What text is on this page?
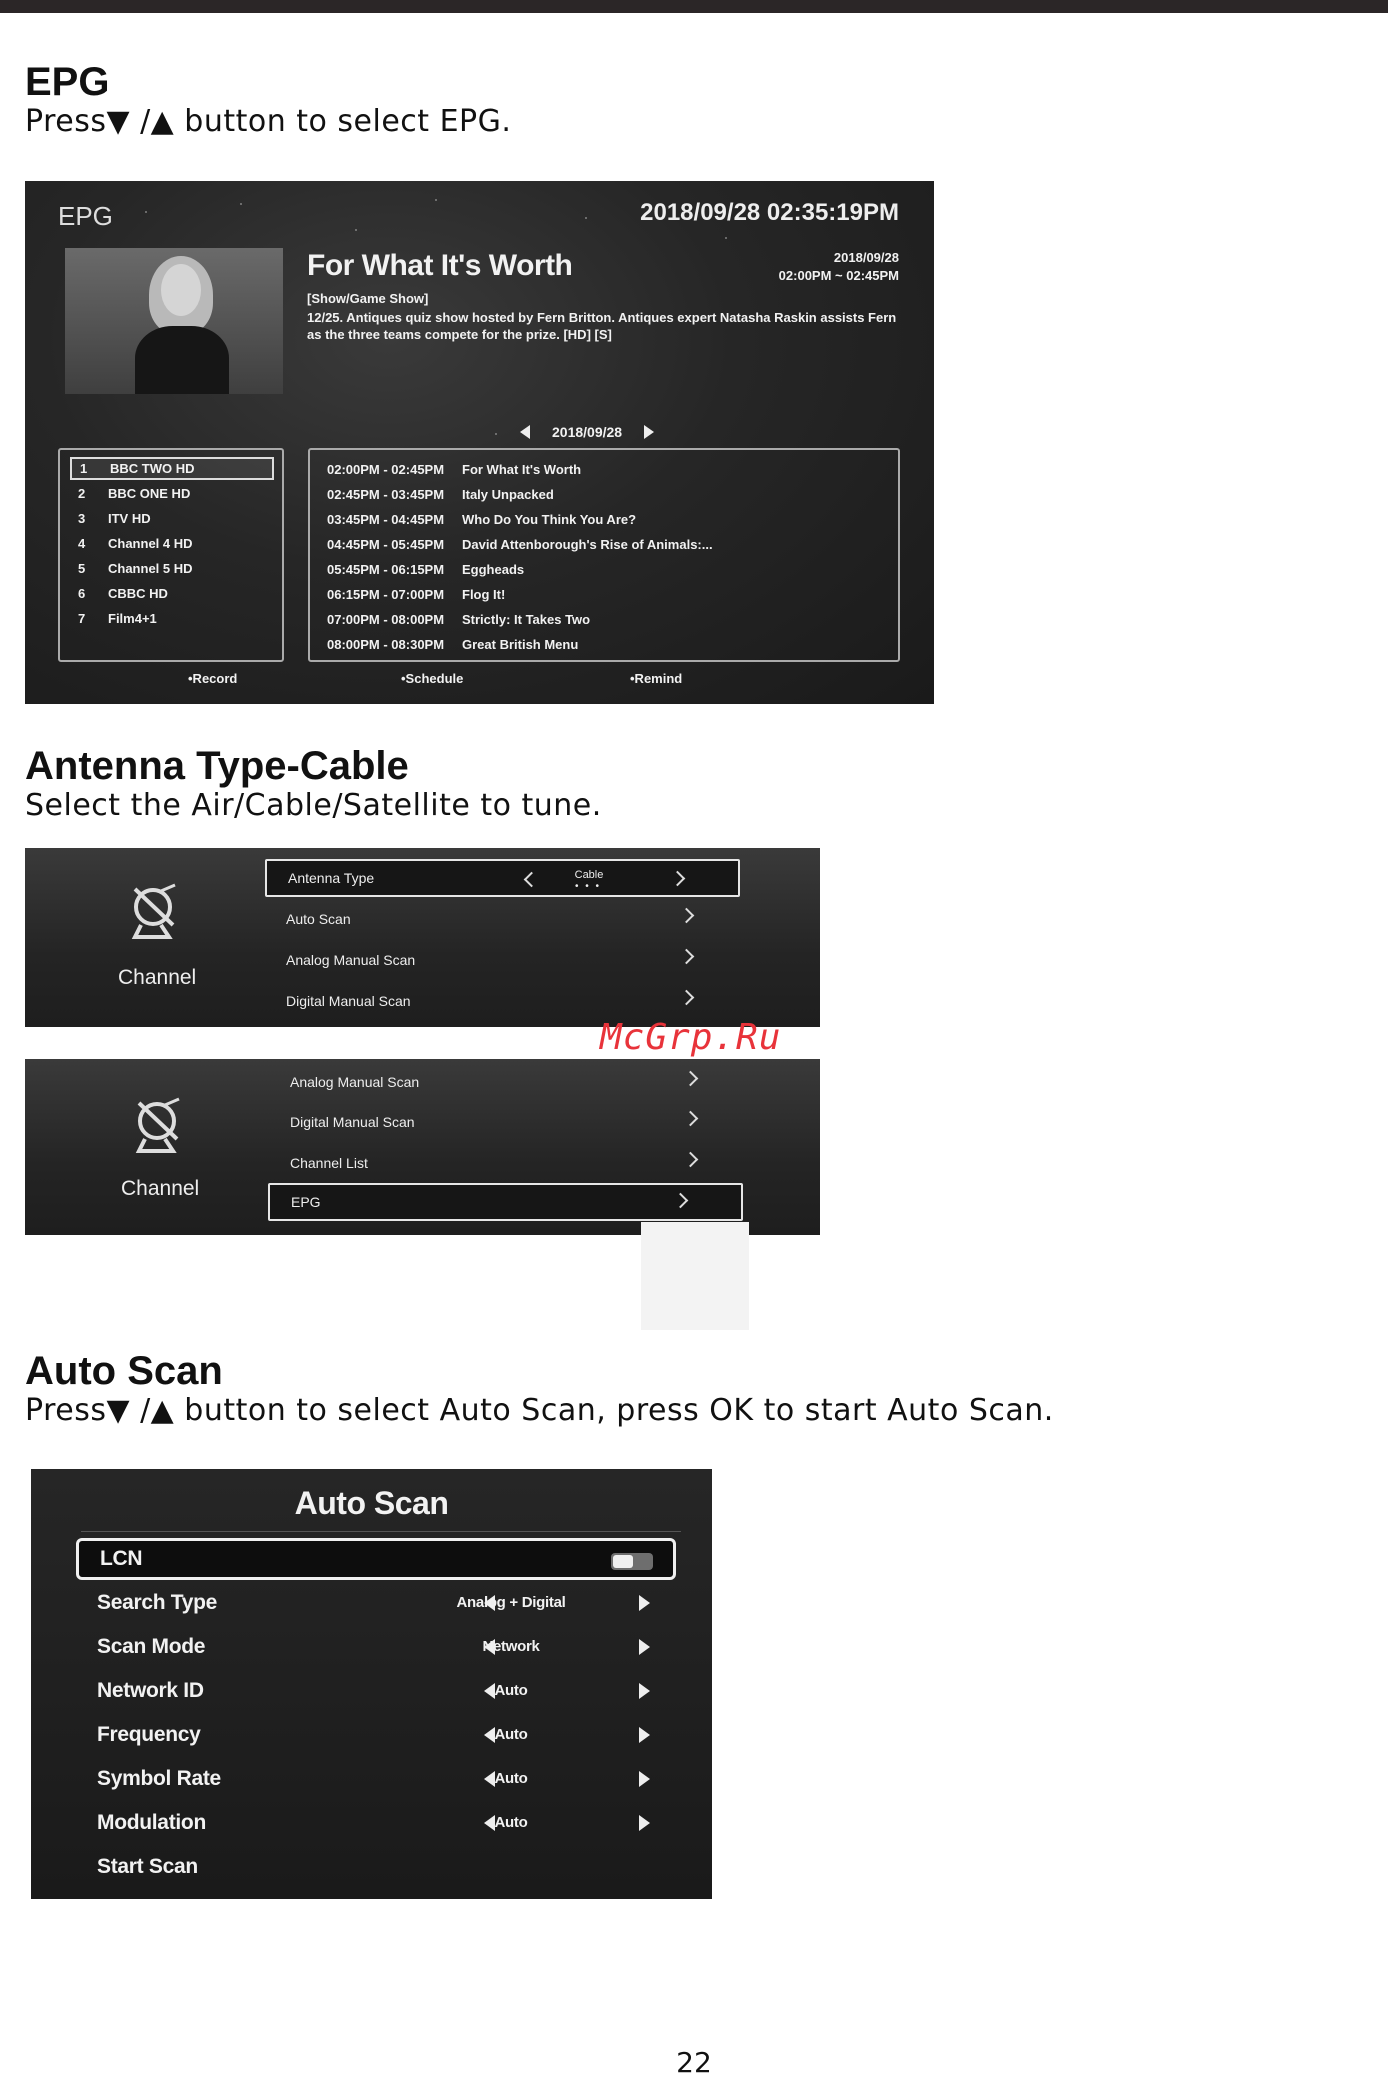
EPG
Press▼ /▲ button to select EPG.
EPG	2018/09/28 02:35:19PM
For What It's Worth	2018/09/28
02:00PM ~ 02:45PM
[Show/Game Show]
12/25. Antiques quiz show hosted by Fern Britton. Antiques expert Natasha Raskin assists Fern as the three teams compete for the prize. [HD] [S]
2018/09/28
1	BBC TWO HD
2	BBC ONE HD
3	ITV HD
4	Channel 4 HD
5	Channel 5 HD
6	CBBC HD
7	Film4+1
02:00PM - 02:45PM	For What It's Worth
02:45PM - 03:45PM	Italy Unpacked
03:45PM - 04:45PM	Who Do You Think You Are?
04:45PM - 05:45PM	David Attenborough's Rise of Animals:...
05:45PM - 06:15PM	Eggheads
06:15PM - 07:00PM	Flog It!
07:00PM - 08:00PM	Strictly: It Takes Two
08:00PM - 08:30PM	Great British Menu
•Record	•Schedule	•Remind
Antenna Type-Cable
Select the Air/Cable/Satellite to tune.
Channel
Antenna Type	Cable
• • •
Auto Scan
Analog Manual Scan
Digital Manual Scan
Channel
Analog Manual Scan
Digital Manual Scan
Channel List
EPG
McGrp.Ru
Auto Scan
Press▼ /▲ button to select Auto Scan, press OK to start Auto Scan.
Auto Scan
LCN
Search Type	Analog + Digital
Scan Mode	Network
Network ID	Auto
Frequency	Auto
Symbol Rate	Auto
Modulation	Auto
Start Scan
22
